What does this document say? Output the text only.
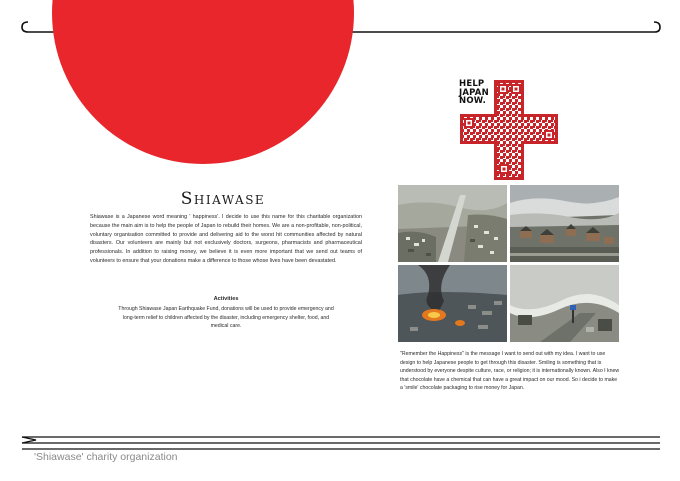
Shiawase

Shiawase is a Japanese word meaning ' happiness'. I decide to use this name for this charitable organization because the main aim is to help the people of Japan to rebuild their homes. We are a non-profitable, non-political, voluntary organisation committed to provide and delivering aid to the worst hit communities affected by natural disasters. Our volunteers are mainly but not exclusively doctors, surgeons, pharmacists and pharmaceutical professionals. In addition to raising money, we believe it is even more important that we send out teams of volunteers to ensure that your donations make a difference to those whose lives have been devastated.

Activities

Through Shiawase Japan Earthquake Fund, donations will be used to provide emergency and long-term relief to children affected by the disaster, including emergency shelter, food, and medical care.

HELP
JAPAN
NOW.

"Remember the Happiness" is the message I want to send out with my idea. I want to use design to help Japanese people to get through this disaster. Smiling is something that is understood by everyone despite culture, race, or religion; it is internationally known. Also I knew that chocolate have a chemical that can have a great impact on our mood. So i decide to make a 'smile' chocolate packaging to rise money for Japan.

'Shiawase' charity organization
